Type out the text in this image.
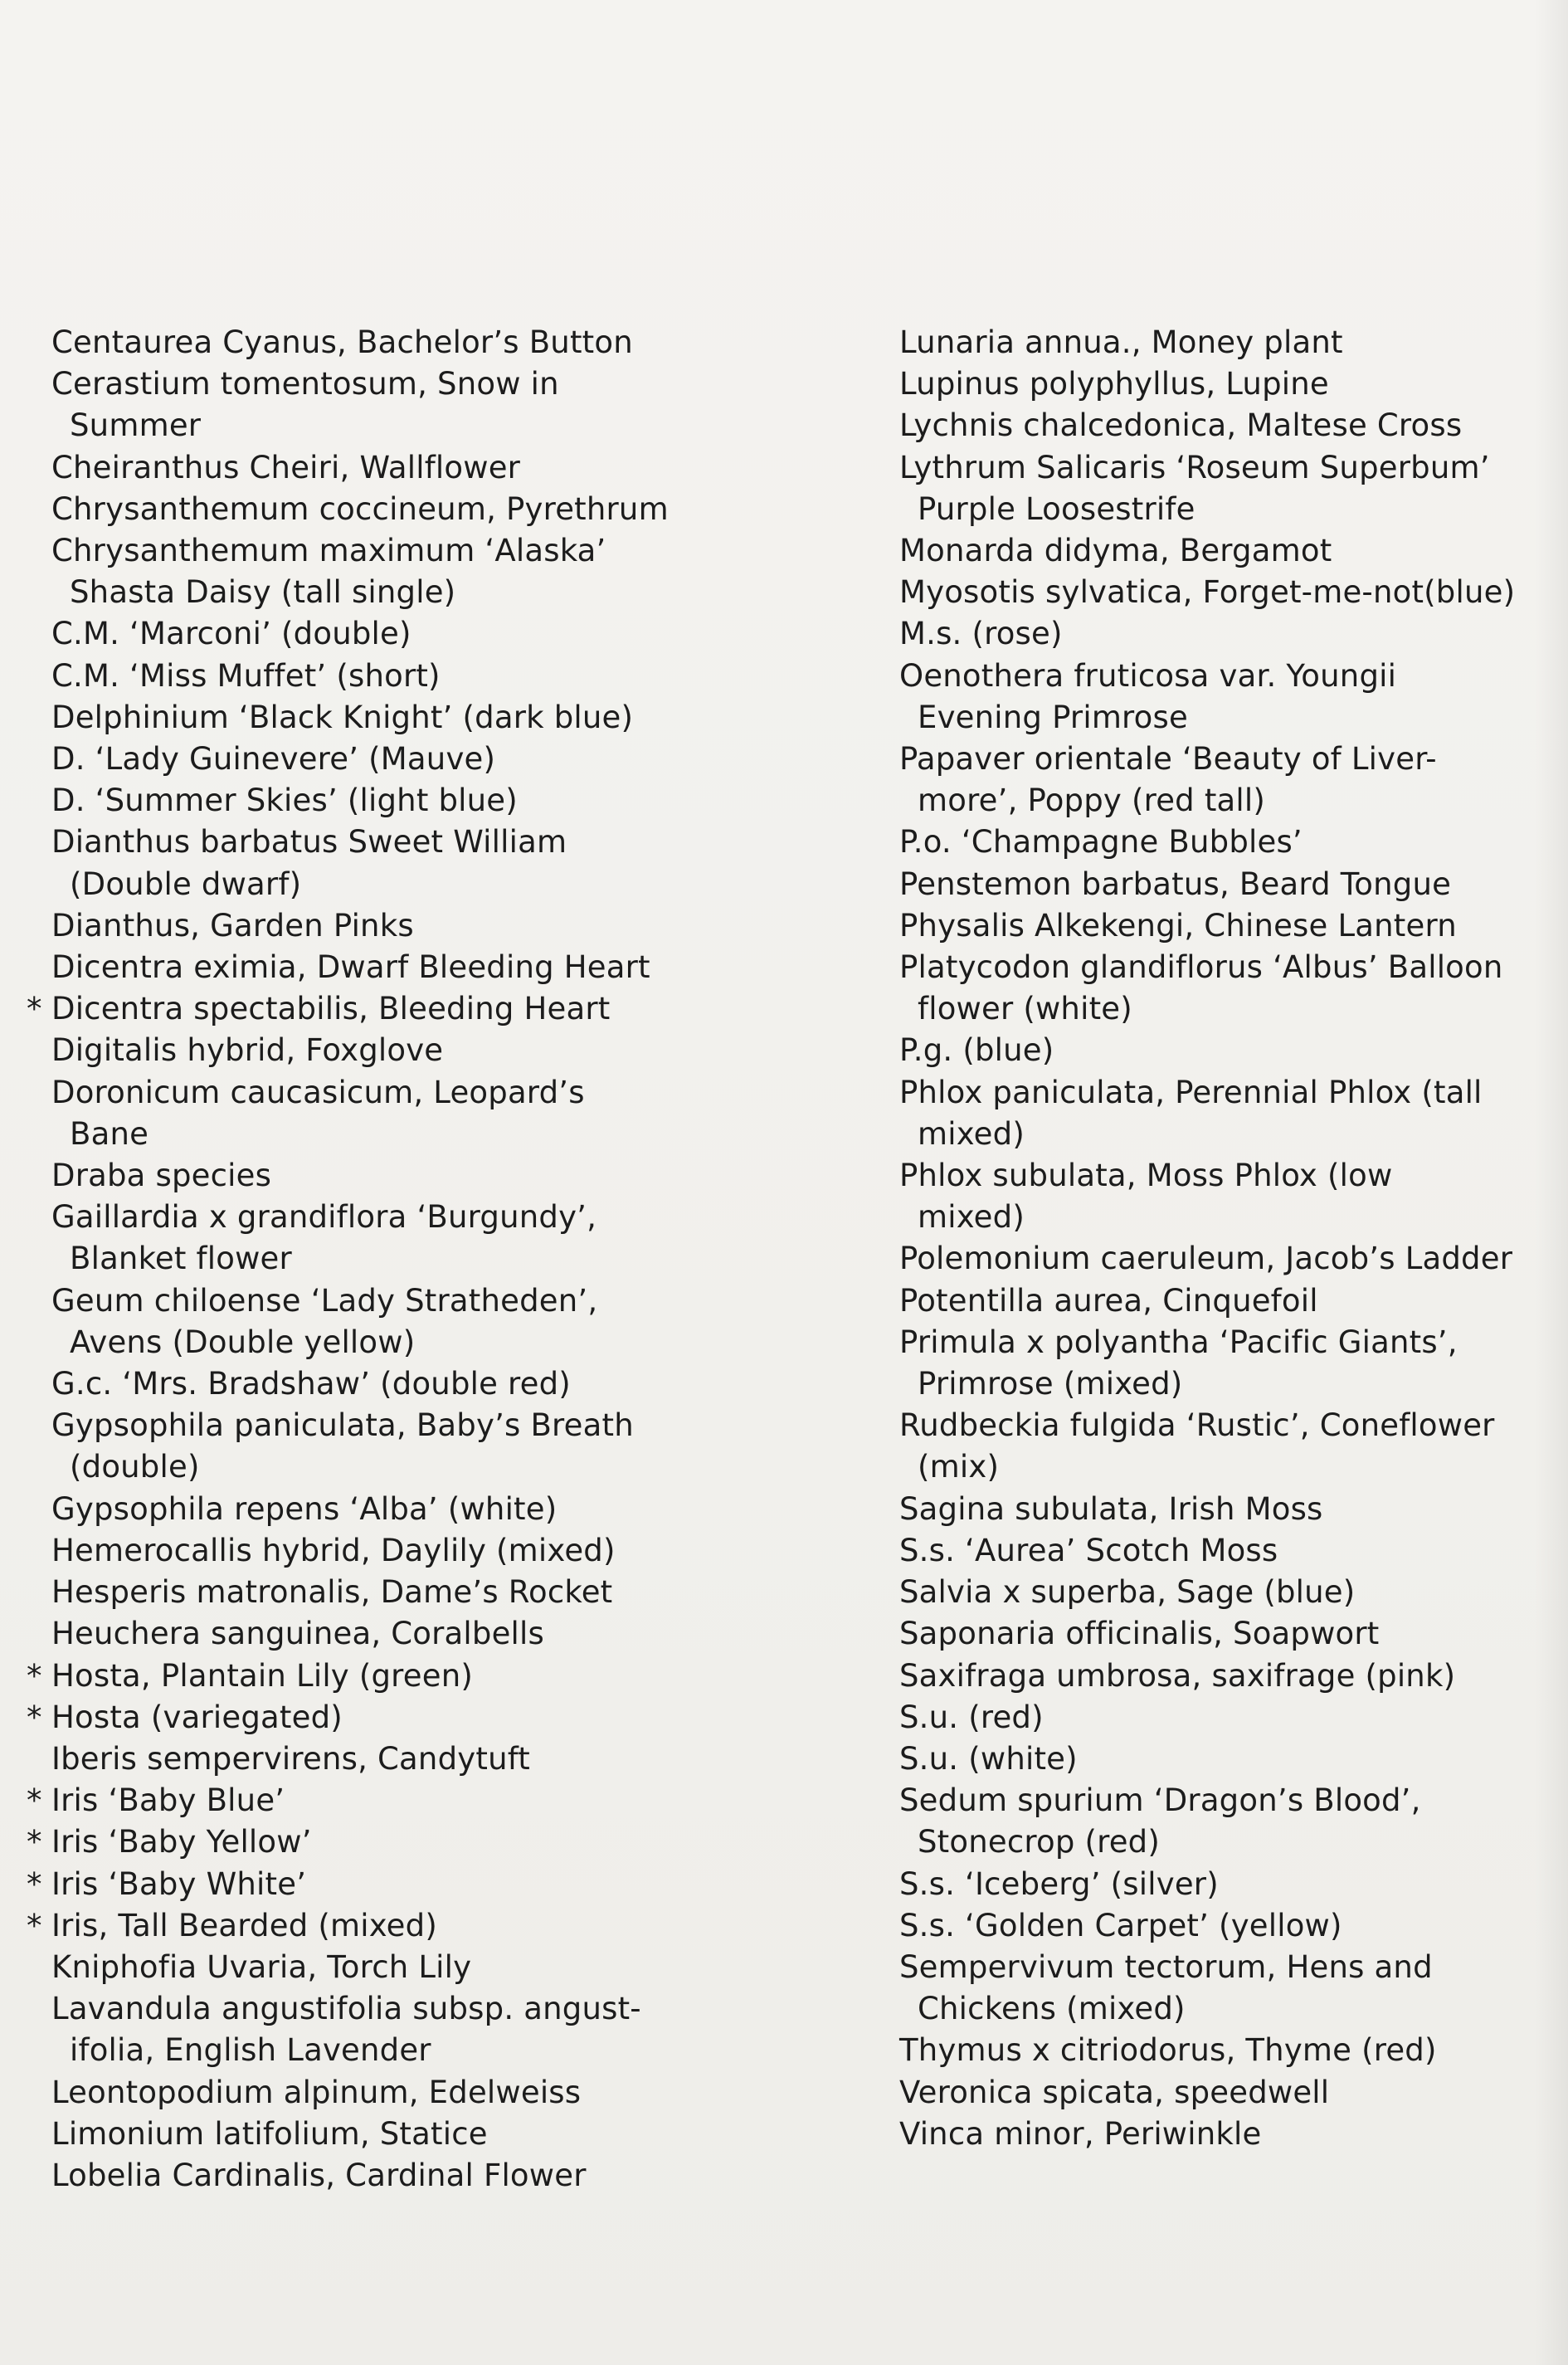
Centaurea Cyanus, Bachelor’s Button
Cerastium tomentosum, Snow in
Summer
Cheiranthus Cheiri, Wallflower
Chrysanthemum coccineum, Pyrethrum
Chrysanthemum maximum ‘Alaska’
Shasta Daisy (tall single)
C.M. ‘Marconi’ (double)
C.M. ‘Miss Muffet’ (short)
Delphinium ‘Black Knight’ (dark blue)
D. ‘Lady Guinevere’ (Mauve)
D. ‘Summer Skies’ (light blue)
Dianthus barbatus Sweet William
(Double dwarf)
Dianthus, Garden Pinks
Dicentra eximia, Dwarf Bleeding Heart
* Dicentra spectabilis, Bleeding Heart
Digitalis hybrid, Foxglove
Doronicum caucasicum, Leopard’s
Bane
Draba species
Gaillardia x grandiflora ‘Burgundy’,
Blanket flower
Geum chiloense ‘Lady Stratheden’,
Avens (Double yellow)
G.c. ‘Mrs. Bradshaw’ (double red)
Gypsophila paniculata, Baby’s Breath
(double)
Gypsophila repens ‘Alba’ (white)
Hemerocallis hybrid, Daylily (mixed)
Hesperis matronalis, Dame’s Rocket
Heuchera sanguinea, Coralbells
* Hosta, Plantain Lily (green)
* Hosta (variegated)
Iberis sempervirens, Candytuft
* Iris ‘Baby Blue’
* Iris ‘Baby Yellow’
* Iris ‘Baby White’
* Iris, Tall Bearded (mixed)
Kniphofia Uvaria, Torch Lily
Lavandula angustifolia subsp. angust-
ifolia, English Lavender
Leontopodium alpinum, Edelweiss
Limonium latifolium, Statice
Lobelia Cardinalis, Cardinal Flower
Lunaria annua., Money plant
Lupinus polyphyllus, Lupine
Lychnis chalcedonica, Maltese Cross
Lythrum Salicaris ‘Roseum Superbum’
Purple Loosestrife
Monarda didyma, Bergamot
Myosotis sylvatica, Forget-me-not(blue)
M.s. (rose)
Oenothera fruticosa var. Youngii
Evening Primrose
Papaver orientale ‘Beauty of Liver-
more’, Poppy (red tall)
P.o. ‘Champagne Bubbles’
Penstemon barbatus, Beard Tongue
Physalis Alkekengi, Chinese Lantern
Platycodon glandiflorus ‘Albus’ Balloon
flower (white)
P.g. (blue)
Phlox paniculata, Perennial Phlox (tall
mixed)
Phlox subulata, Moss Phlox (low
mixed)
Polemonium caeruleum, Jacob’s Ladder
Potentilla aurea, Cinquefoil
Primula x polyantha ‘Pacific Giants’,
Primrose (mixed)
Rudbeckia fulgida ‘Rustic’, Coneflower
(mix)
Sagina subulata, Irish Moss
S.s. ‘Aurea’ Scotch Moss
Salvia x superba, Sage (blue)
Saponaria officinalis, Soapwort
Saxifraga umbrosa, saxifrage (pink)
S.u. (red)
S.u. (white)
Sedum spurium ‘Dragon’s Blood’,
Stonecrop (red)
S.s. ‘Iceberg’ (silver)
S.s. ‘Golden Carpet’ (yellow)
Sempervivum tectorum, Hens and
Chickens (mixed)
Thymus x citriodorus, Thyme (red)
Veronica spicata, speedwell
Vinca minor, Periwinkle
